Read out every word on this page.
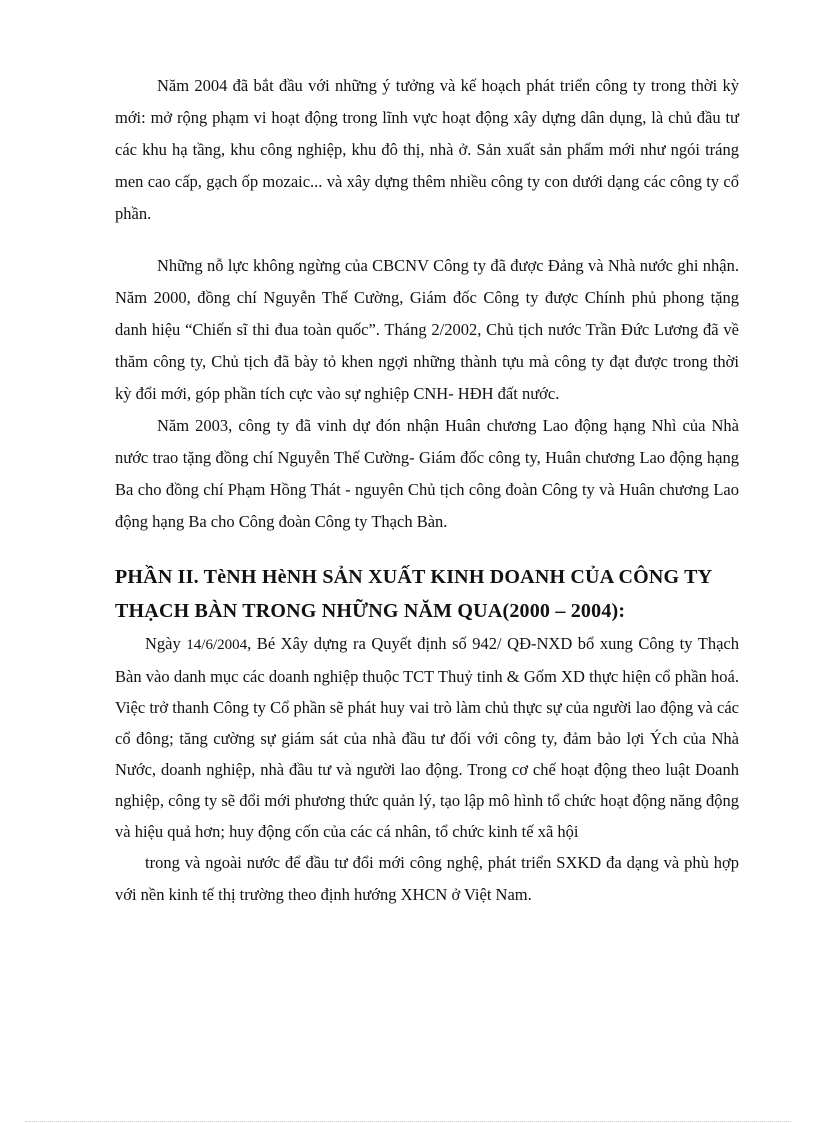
Năm 2004 đã bắt đầu với những ý tưởng và kế hoạch phát triển công ty trong thời kỳ mới: mở rộng phạm vi hoạt động trong lĩnh vực hoạt động xây dựng dân dụng, là chủ đầu tư các khu hạ tầng, khu công nghiệp, khu đô thị, nhà ở. Sản xuất sản phẩm mới như ngói tráng men cao cấp, gạch ốp mozaic... và xây dựng thêm nhiều công ty con dưới dạng các công ty cổ phần.

Những nỗ lực không ngừng của CBCNV Công ty đã được Đảng và Nhà nước ghi nhận. Năm 2000, đồng chí Nguyễn Thế Cường, Giám đốc Công ty được Chính phủ phong tặng danh hiệu “Chiến sĩ thi đua toàn quốc”. Tháng 2/2002, Chủ tịch nước Trần Đức Lương đã về thăm công ty, Chủ tịch đã bày tỏ khen ngợi những thành tựu mà công ty đạt được trong thời kỳ đổi mới, góp phần tích cực vào sự nghiệp CNH- HĐH đất nước.

Năm 2003, công ty đã vinh dự đón nhận Huân chương Lao động hạng Nhì của Nhà nước trao tặng đồng chí Nguyễn Thế Cường- Giám đốc công ty, Huân chương Lao động hạng Ba cho đồng chí Phạm Hồng Thát - nguyên Chủ tịch công đoàn Công ty và Huân chương Lao động hạng Ba cho Công đoàn Công ty Thạch Bàn.

PHẦN II. TèNH HèNH SẢN XUẤT KINH DOANH CỦA CÔNG TY THẠCH BÀN TRONG NHỮNG NĂM QUA(2000 – 2004):

Ngày 14/6/2004, Bé Xây dựng ra Quyết định số 942/ QĐ-NXD bổ xung Công ty Thạch Bàn vào danh mục các doanh nghiệp thuộc TCT Thuỷ tinh & Gốm XD thực hiện cổ phần hoá. Việc trở thanh Công ty Cổ phần sẽ phát huy vai trò làm chủ thực sự của người lao động và các cổ đông; tăng cường sự giám sát của nhà đầu tư đối với công ty, đảm bảo lợi Ých của Nhà Nước, doanh nghiệp, nhà đầu tư và người lao động. Trong cơ chế hoạt động theo luật Doanh nghiệp, công ty sẽ đổi mới phương thức quản lý, tạo lập mô hình tổ chức hoạt động năng động và hiệu quả hơn; huy động cốn của các cá nhân, tổ chức kinh tế xã hội

trong và ngoài nước để đầu tư đổi mới công nghệ, phát triển SXKD đa dạng và phù hợp với nền kinh tế thị trường theo định hướng XHCN ở Việt Nam.
